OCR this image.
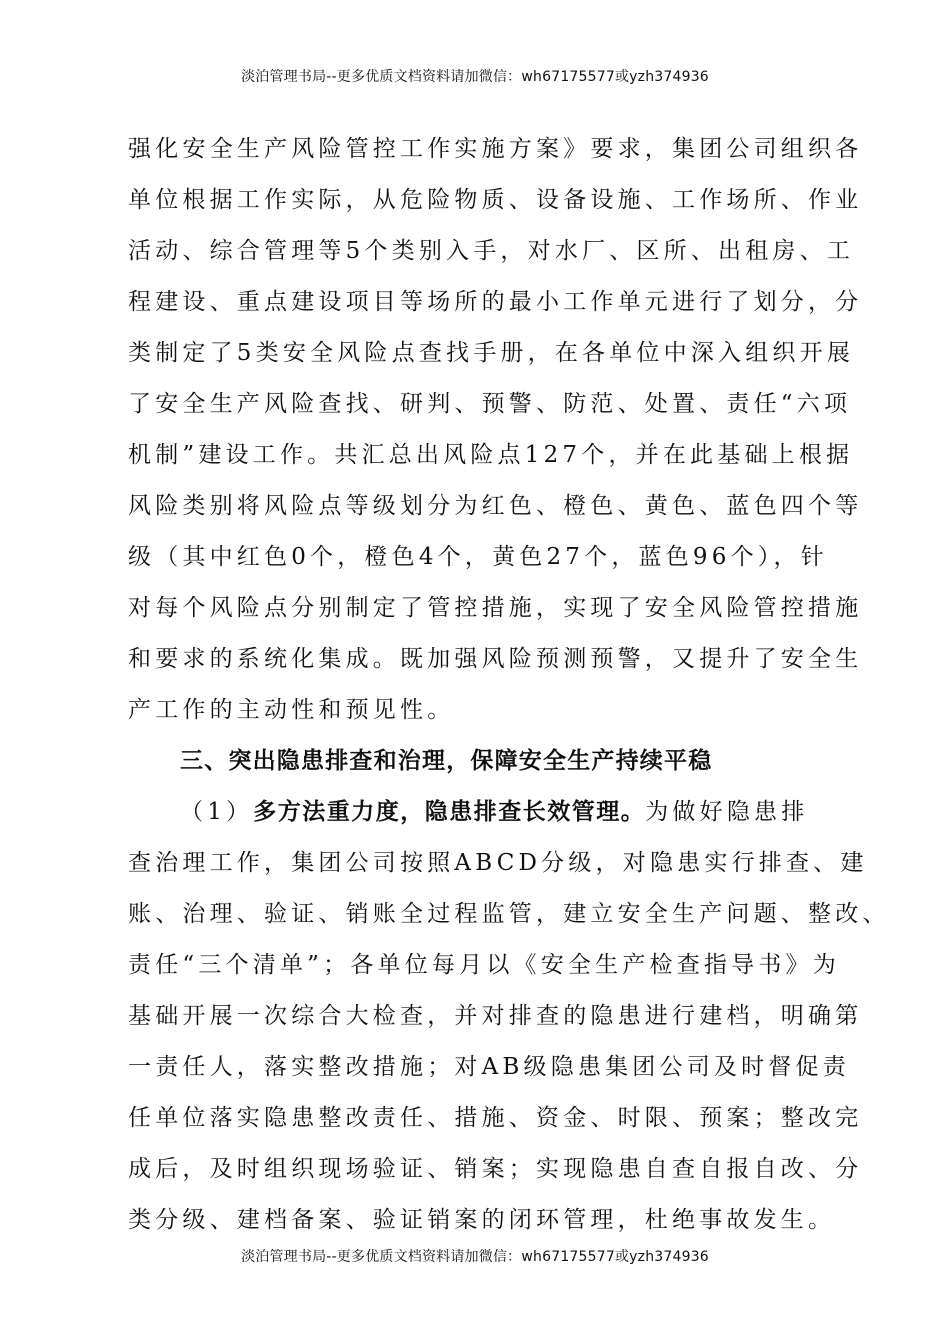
淡泊管理书局--更多优质文档资料请加微信：wh67175577或yzh374936
强化安全生产风险管控工作实施方案》要求，集团公司组织各
单位根据工作实际，从危险物质、设备设施、工作场所、作业
活动、综合管理等5个类别入手，对水厂、区所、出租房、工
程建设、重点建设项目等场所的最小工作单元进行了划分，分
类制定了5类安全风险点查找手册，在各单位中深入组织开展
了安全生产风险查找、研判、预警、防范、处置、责任“六项
机制”建设工作。共汇总出风险点127个，并在此基础上根据
风险类别将风险点等级划分为红色、橙色、黄色、蓝色四个等
级（其中红色0个，橙色4个，黄色27个，蓝色96个），针
对每个风险点分别制定了管控措施，实现了安全风险管控措施
和要求的系统化集成。既加强风险预测预警，又提升了安全生
产工作的主动性和预见性。
三、突出隐患排查和治理，保障安全生产持续平稳
（1）多方法重力度，隐患排查长效管理。为做好隐患排
查治理工作，集团公司按照ABCD分级，对隐患实行排查、建
账、治理、验证、销账全过程监管，建立安全生产问题、整改、
责任“三个清单”；各单位每月以《安全生产检查指导书》为
基础开展一次综合大检查，并对排查的隐患进行建档，明确第
一责任人，落实整改措施；对AB级隐患集团公司及时督促责
任单位落实隐患整改责任、措施、资金、时限、预案；整改完
成后，及时组织现场验证、销案；实现隐患自查自报自改、分
类分级、建档备案、验证销案的闭环管理，杜绝事故发生。
淡泊管理书局--更多优质文档资料请加微信：wh67175577或yzh374936
